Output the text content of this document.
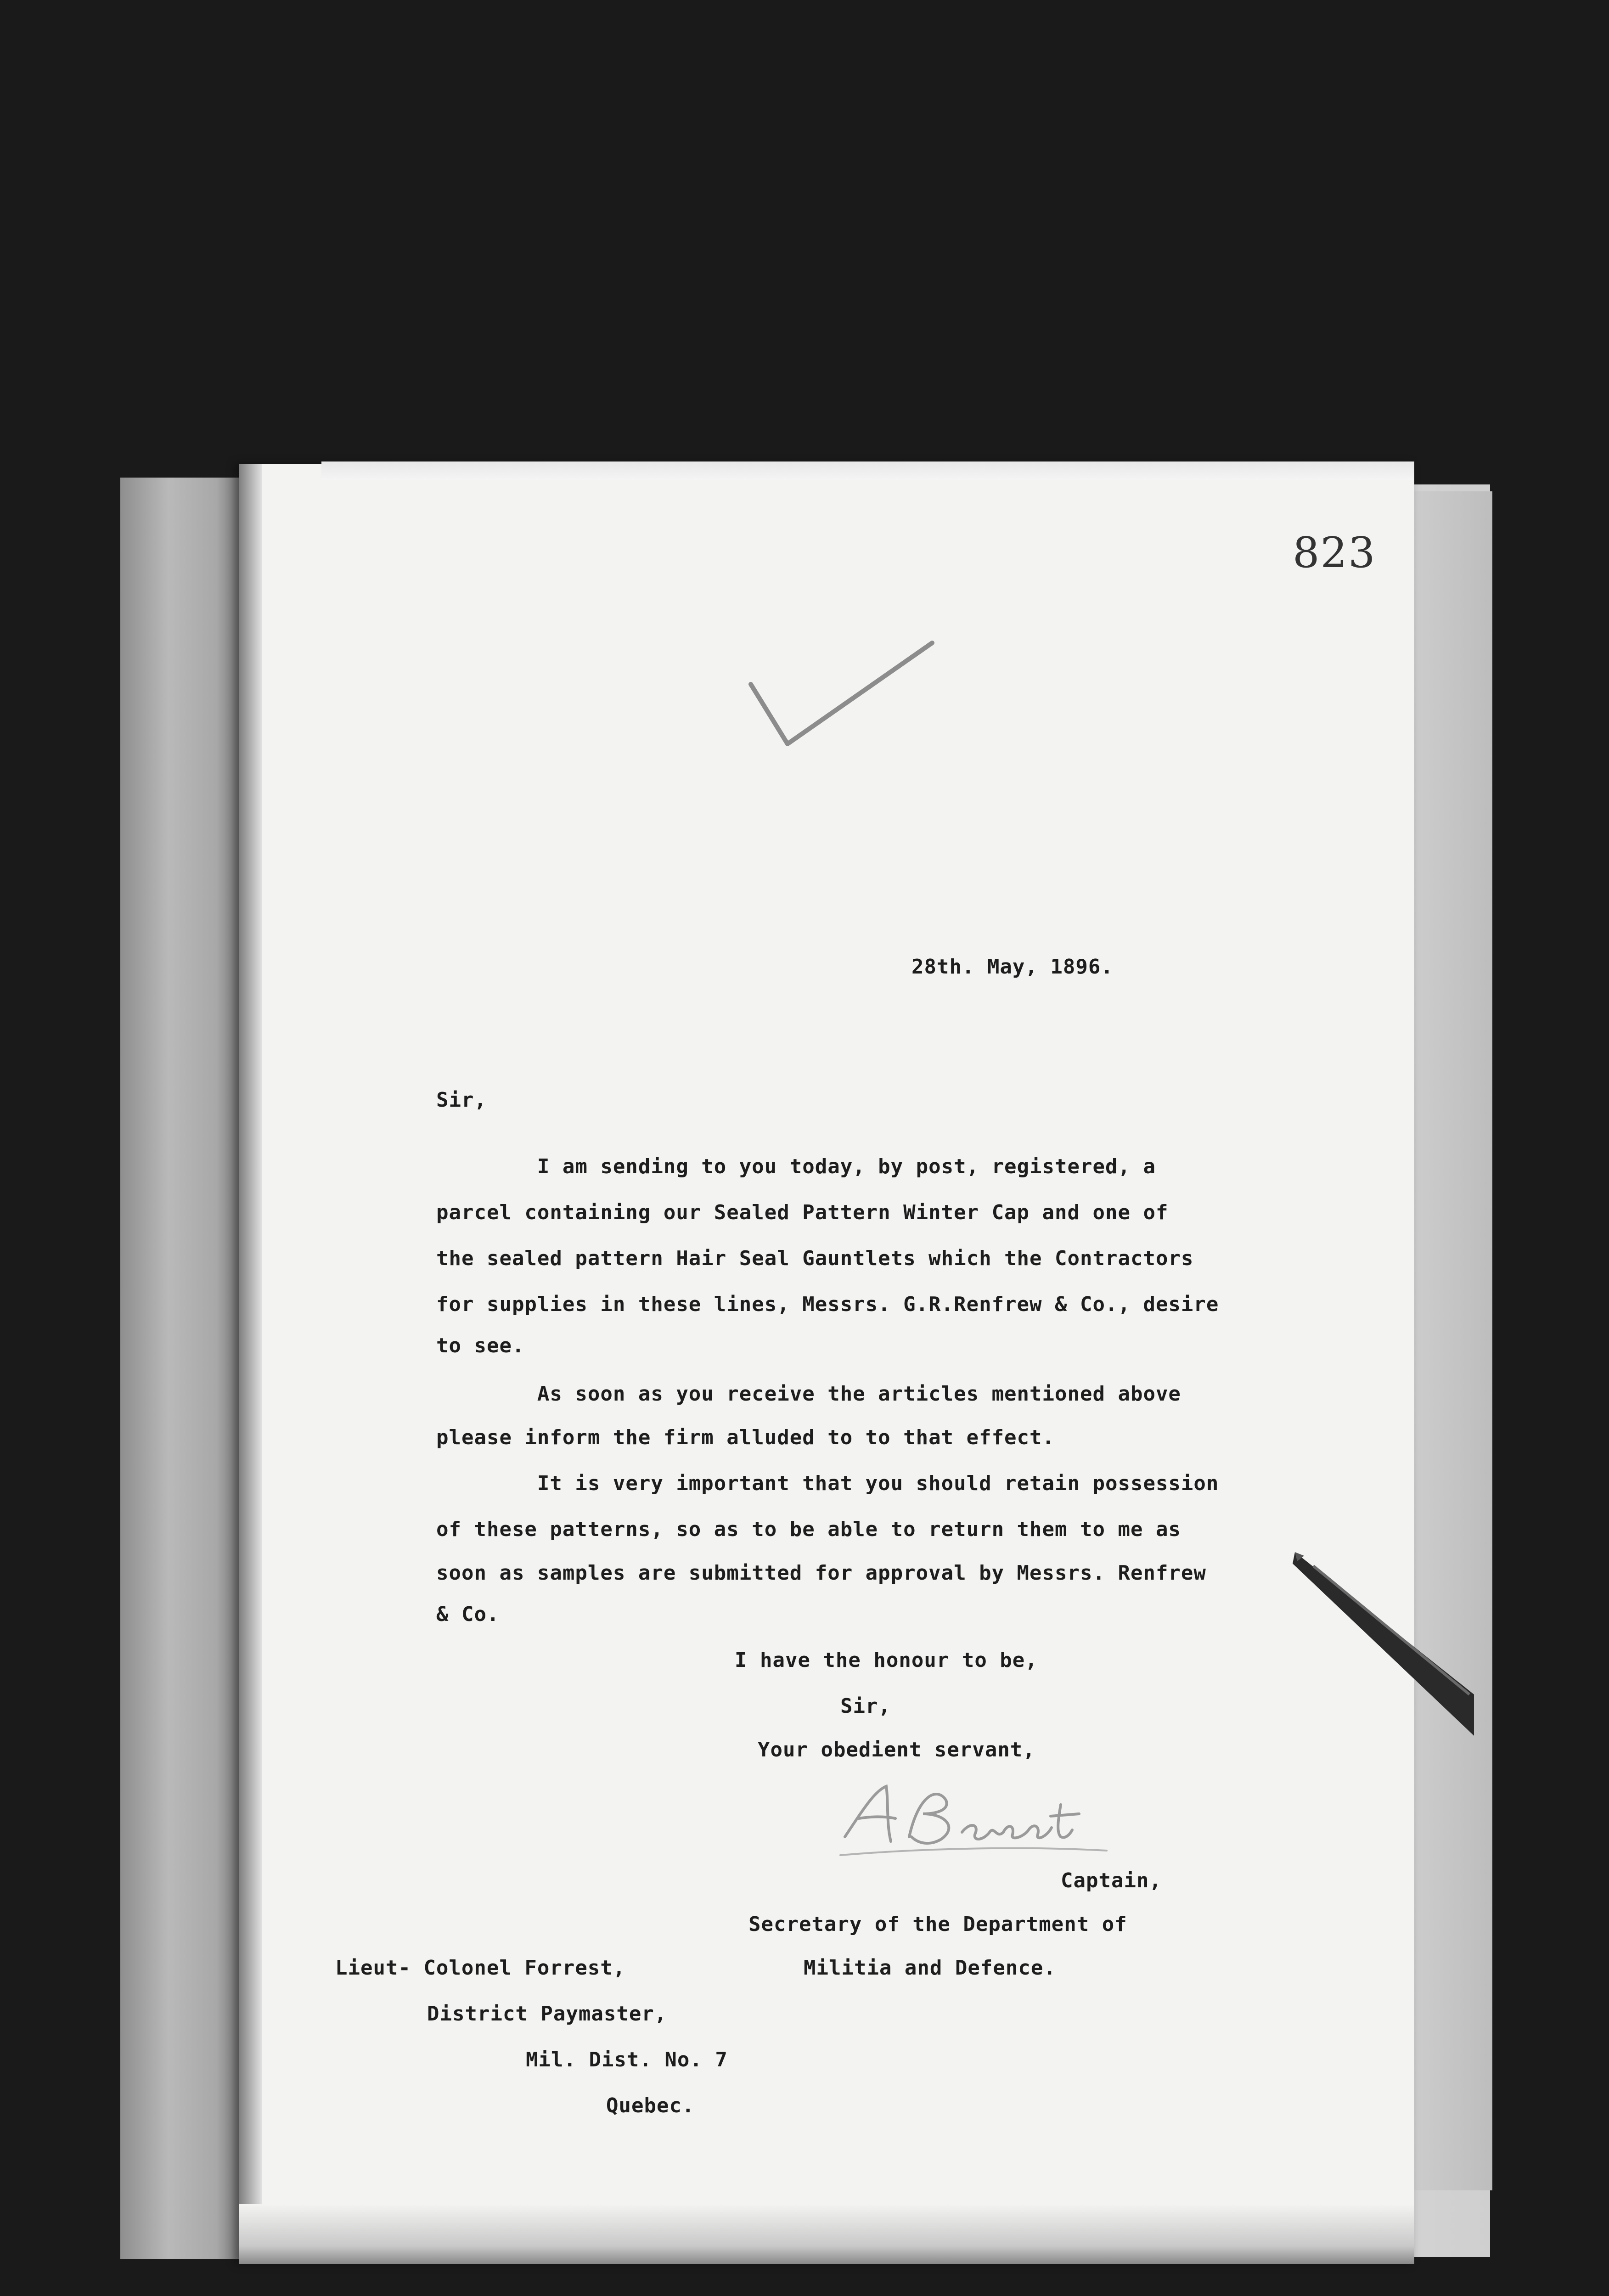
823
28th. May, 1896.
Sir,
I am sending to you today, by post, registered, a
parcel containing our Sealed Pattern Winter Cap and one of
the sealed pattern Hair Seal Gauntlets which the Contractors
for supplies in these lines, Messrs. G.R.Renfrew & Co., desire
to see.
As soon as you receive the articles mentioned above
please inform the firm alluded to to that effect.
It is very important that you should retain possession
of these patterns, so as to be able to return them to me as
soon as samples are submitted for approval by Messrs. Renfrew
& Co.
I have the honour to be,
Sir,
Your obedient servant,
Captain,
Secretary of the Department of
Militia and Defence.
Lieut- Colonel Forrest,
District Paymaster,
Mil. Dist. No. 7
Quebec.
